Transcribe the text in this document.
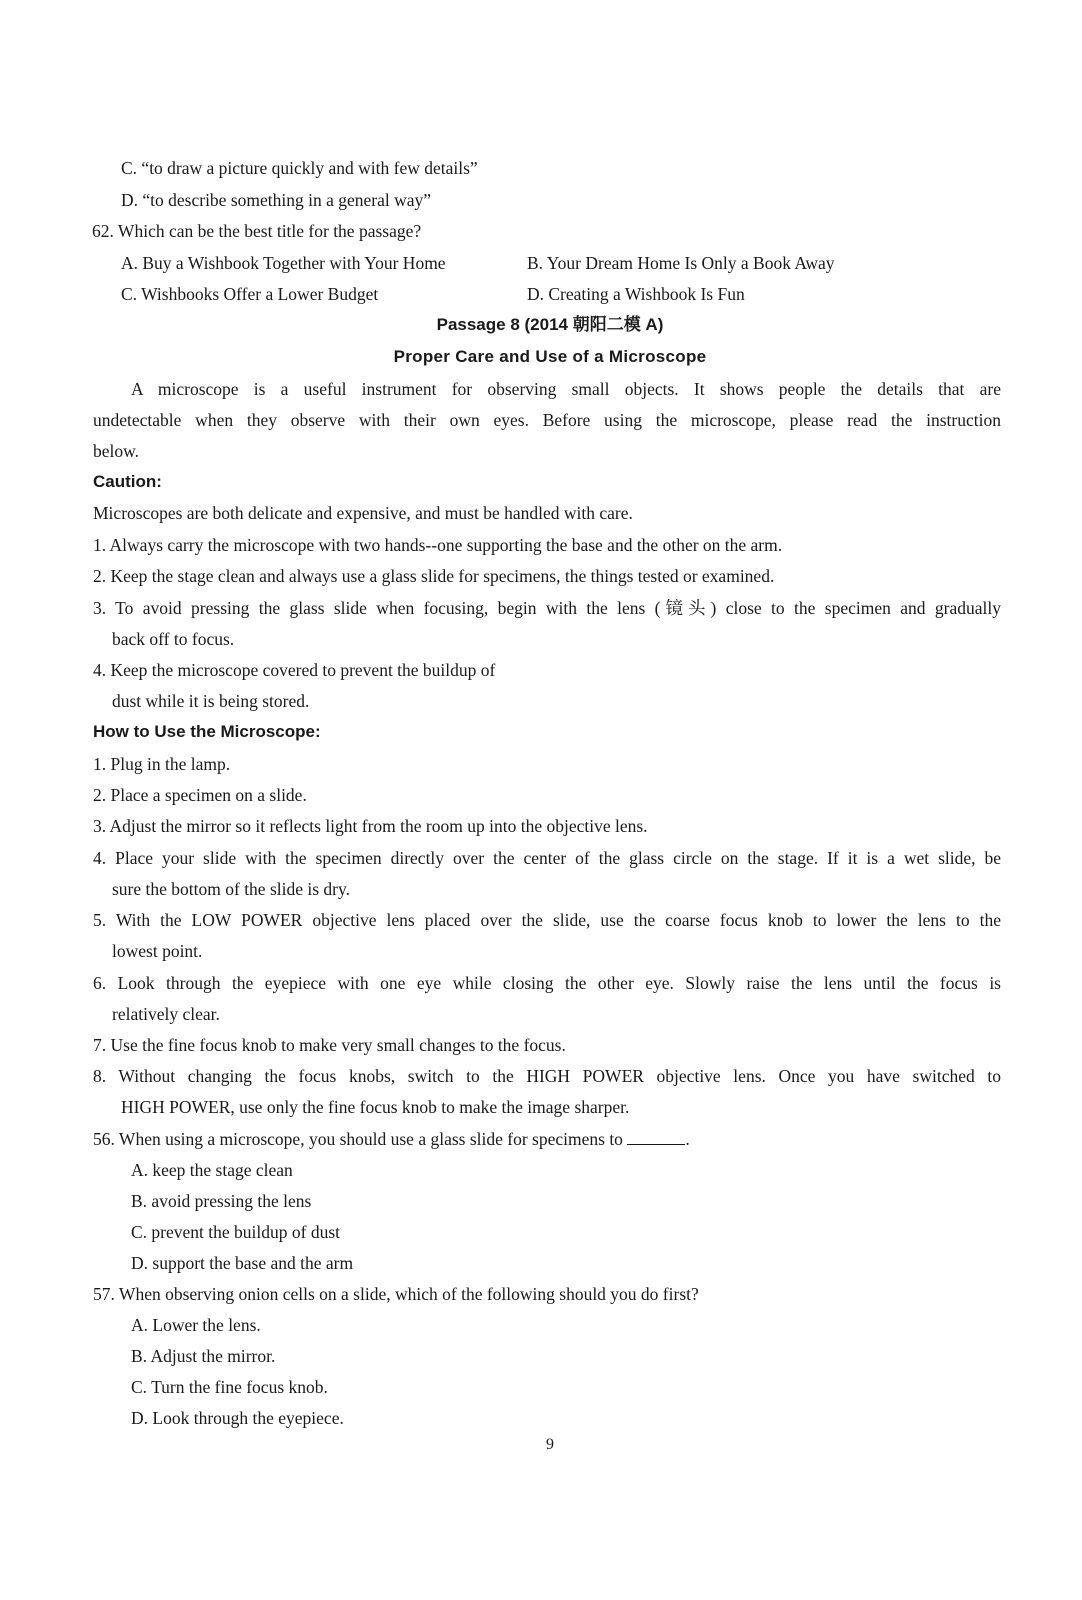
C. “to draw a picture quickly and with few details”
D. “to describe something in a general way”
62. Which can be the best title for the passage?
A. Buy a Wishbook Together with Your Home	B. Your Dream Home Is Only a Book Away
C. Wishbooks Offer a Lower Budget	D. Creating a Wishbook Is Fun
Passage 8 (2014 朝阳二模 A)
Proper Care and Use of a Microscope
A microscope is a useful instrument for observing small objects. It shows people the details that are
undetectable when they observe with their own eyes. Before using the microscope, please read the instruction
below.
Caution:
Microscopes are both delicate and expensive, and must be handled with care.
1. Always carry the microscope with two hands--one supporting the base and the other on the arm.
2. Keep the stage clean and always use a glass slide for specimens, the things tested or examined.
3. To avoid pressing the glass slide when focusing, begin with the lens (镜头) close to the specimen and gradually
back off to focus.
4. Keep the microscope covered to prevent the buildup of
dust while it is being stored.
How to Use the Microscope:
1. Plug in the lamp.
2. Place a specimen on a slide.
3. Adjust the mirror so it reflects light from the room up into the objective lens.
4. Place your slide with the specimen directly over the center of the glass circle on the stage. If it is a wet slide, be
sure the bottom of the slide is dry.
5. With the LOW POWER objective lens placed over the slide, use the coarse focus knob to lower the lens to the
lowest point.
6. Look through the eyepiece with one eye while closing the other eye. Slowly raise the lens until the focus is
relatively clear.
7. Use the fine focus knob to make very small changes to the focus.
8. Without changing the focus knobs, switch to the HIGH POWER objective lens. Once you have switched to
HIGH POWER, use only the fine focus knob to make the image sharper.
56. When using a microscope, you should use a glass slide for specimens to	.
A. keep the stage clean
B. avoid pressing the lens
C. prevent the buildup of dust
D. support the base and the arm
57. When observing onion cells on a slide, which of the following should you do first?
A. Lower the lens.
B. Adjust the mirror.
C. Turn the fine focus knob.
D. Look through the eyepiece.
9
